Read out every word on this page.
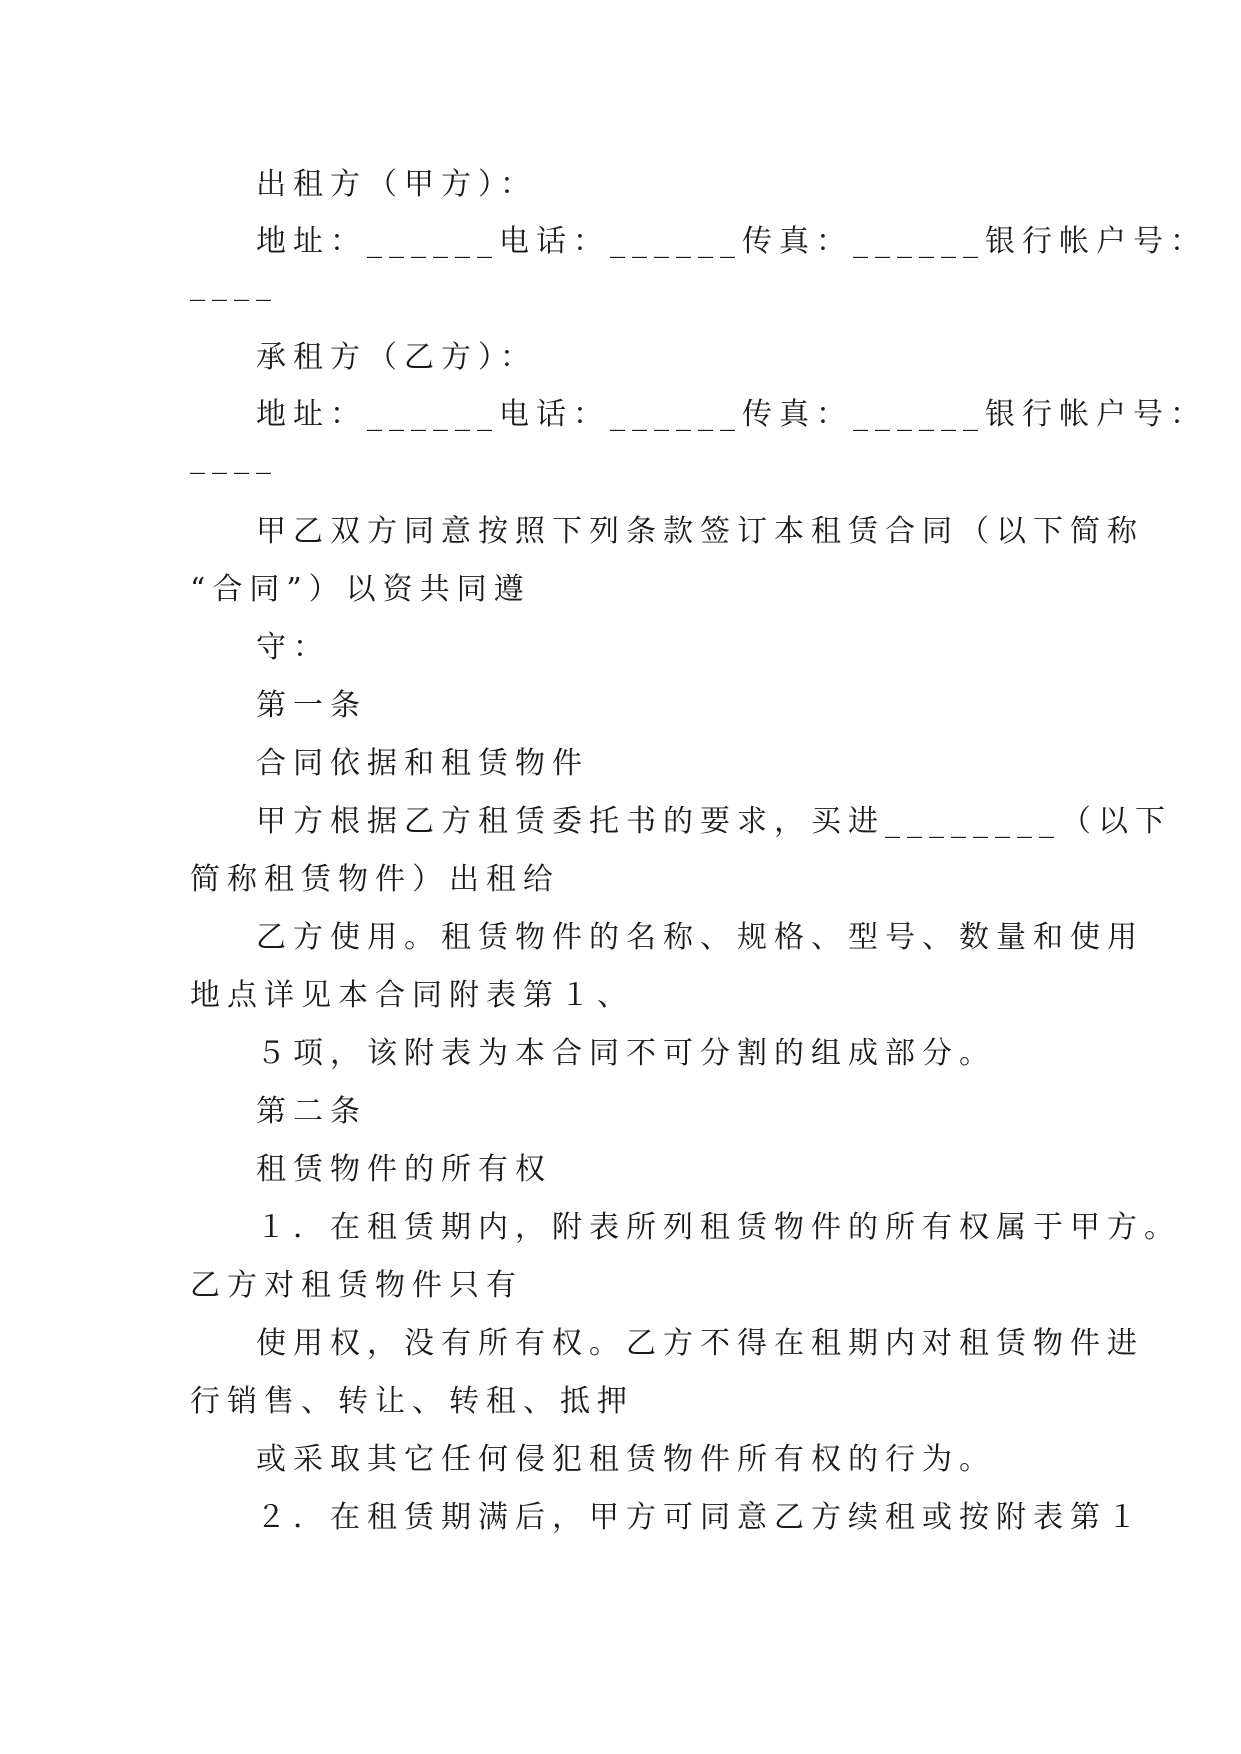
出租方（甲方）：
地址：______电话：______传真：______银行帐户号：
____
承租方（乙方）：
地址：______电话：______传真：______银行帐户号：
____
甲乙双方同意按照下列条款签订本租赁合同（以下简称
“合同”）以资共同遵
守：
第一条
合同依据和租赁物件
甲方根据乙方租赁委托书的要求，买进________（以下
简称租赁物件）出租给
乙方使用。租赁物件的名称、规格、型号、数量和使用
地点详见本合同附表第１、
５项，该附表为本合同不可分割的组成部分。
第二条
租赁物件的所有权
１．在租赁期内，附表所列租赁物件的所有权属于甲方。
乙方对租赁物件只有
使用权，没有所有权。乙方不得在租期内对租赁物件进
行销售、转让、转租、抵押
或采取其它任何侵犯租赁物件所有权的行为。
２．在租赁期满后，甲方可同意乙方续租或按附表第１
